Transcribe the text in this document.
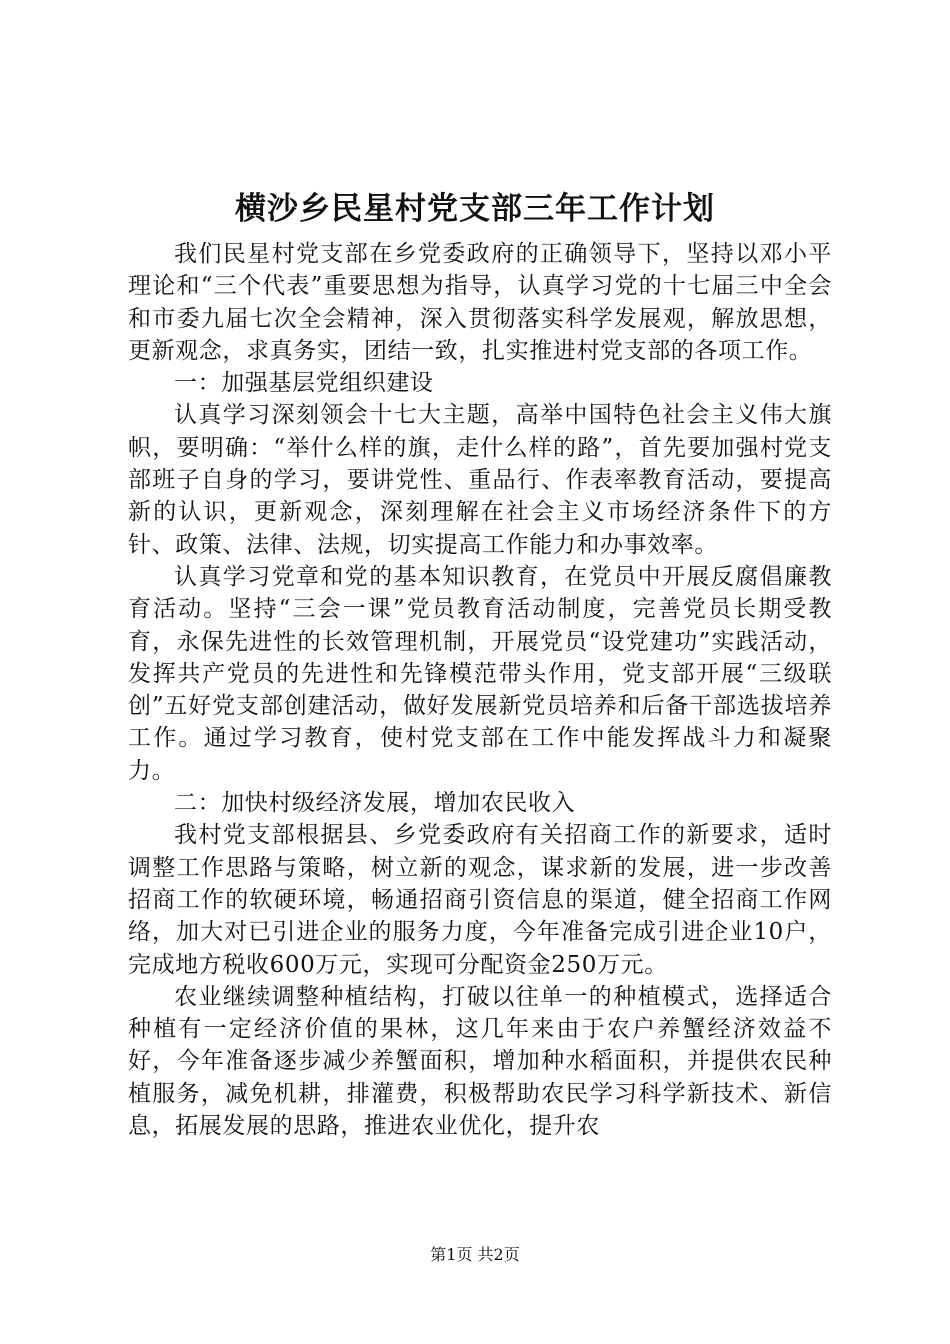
横沙乡民星村党支部三年工作计划

我们民星村党支部在乡党委政府的正确领导下，坚持以邓小平理论和“三个代表”重要思想为指导，认真学习党的十七届三中全会和市委九届七次全会精神，深入贯彻落实科学发展观，解放思想，更新观念，求真务实，团结一致，扎实推进村党支部的各项工作。

一：加强基层党组织建设

认真学习深刻领会十七大主题，高举中国特色社会主义伟大旗帜，要明确：“举什么样的旗，走什么样的路”，首先要加强村党支部班子自身的学习，要讲党性、重品行、作表率教育活动，要提高新的认识，更新观念，深刻理解在社会主义市场经济条件下的方针、政策、法律、法规，切实提高工作能力和办事效率。

认真学习党章和党的基本知识教育，在党员中开展反腐倡廉教育活动。坚持“三会一课”党员教育活动制度，完善党员长期受教育，永保先进性的长效管理机制，开展党员“设党建功”实践活动，发挥共产党员的先进性和先锋模范带头作用，党支部开展“三级联创”五好党支部创建活动，做好发展新党员培养和后备干部选拔培养工作。通过学习教育，使村党支部在工作中能发挥战斗力和凝聚力。

二：加快村级经济发展，增加农民收入

我村党支部根据县、乡党委政府有关招商工作的新要求，适时调整工作思路与策略，树立新的观念，谋求新的发展，进一步改善招商工作的软硬环境，畅通招商引资信息的渠道，健全招商工作网络，加大对已引进企业的服务力度，今年准备完成引进企业10户，完成地方税收600万元，实现可分配资金250万元。

农业继续调整种植结构，打破以往单一的种植模式，选择适合种植有一定经济价值的果林，这几年来由于农户养蟹经济效益不好，今年准备逐步减少养蟹面积，增加种水稻面积，并提供农民种植服务，减免机耕，排灌费，积极帮助农民学习科学新技术、新信息，拓展发展的思路，推进农业优化，提升农

第1页 共2页
